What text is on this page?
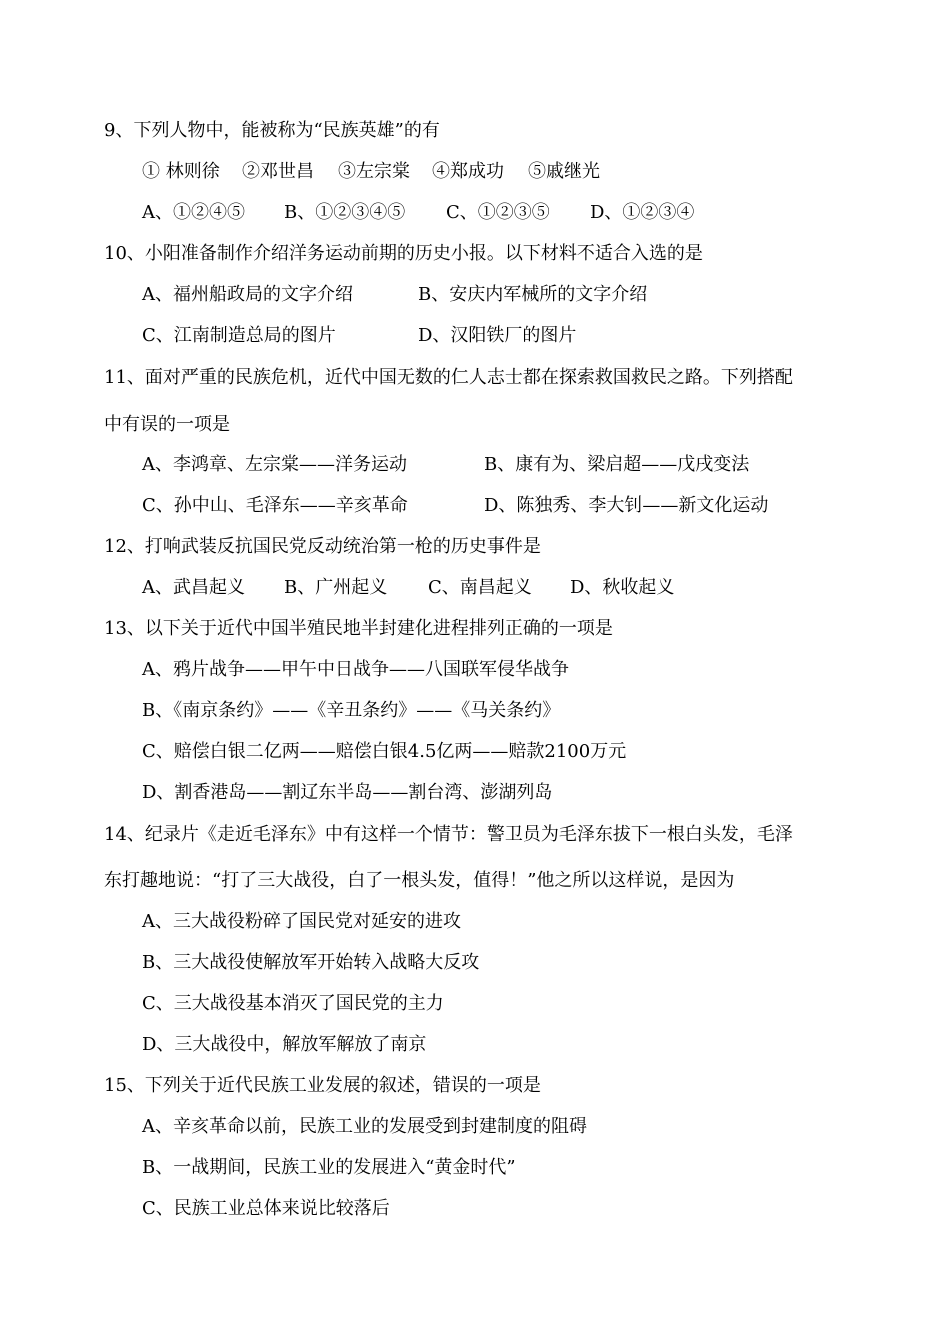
9、下列人物中，能被称为“民族英雄”的有
① 林则徐 ②邓世昌 ③左宗棠 ④郑成功 ⑤戚继光
A、①②④⑤ B、①②③④⑤ C、①②③⑤ D、①②③④
10、小阳准备制作介绍洋务运动前期的历史小报。以下材料不适合入选的是
A、福州船政局的文字介绍	B、安庆内军械所的文字介绍
C、江南制造总局的图片	D、汉阳铁厂的图片
11、面对严重的民族危机，近代中国无数的仁人志士都在探索救国救民之路。下列搭配
中有误的一项是
A、李鸿章、左宗棠——洋务运动	B、康有为、梁启超——戊戌变法
C、孙中山、毛泽东——辛亥革命	D、陈独秀、李大钊——新文化运动
12、打响武装反抗国民党反动统治第一枪的历史事件是
A、武昌起义 B、广州起义 C、南昌起义 D、秋收起义
13、以下关于近代中国半殖民地半封建化进程排列正确的一项是
A、鸦片战争——甲午中日战争——八国联军侵华战争
B、《南京条约》——《辛丑条约》——《马关条约》
C、赔偿白银二亿两——赔偿白银4.5亿两——赔款2100万元
D、割香港岛——割辽东半岛——割台湾、澎湖列岛
14、纪录片《走近毛泽东》中有这样一个情节：警卫员为毛泽东拔下一根白头发，毛泽
东打趣地说：“打了三大战役，白了一根头发，值得！”他之所以这样说，是因为
A、三大战役粉碎了国民党对延安的进攻
B、三大战役使解放军开始转入战略大反攻
C、三大战役基本消灭了国民党的主力
D、三大战役中，解放军解放了南京
15、下列关于近代民族工业发展的叙述，错误的一项是
A、辛亥革命以前，民族工业的发展受到封建制度的阻碍
B、一战期间，民族工业的发展进入“黄金时代”
C、民族工业总体来说比较落后
